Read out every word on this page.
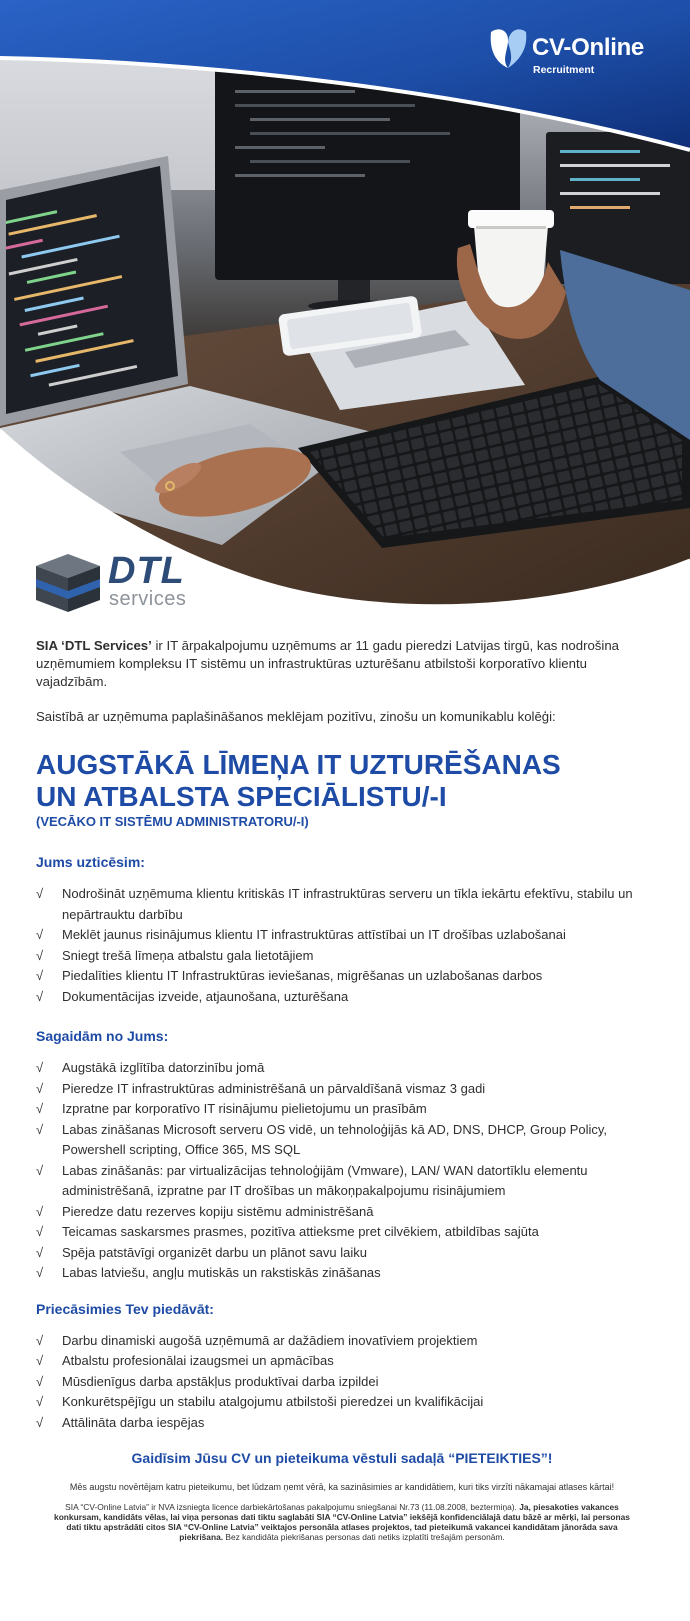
CV-Online
Recruitment
DTL
services

SIA ‘DTL Services’ ir IT ārpakalpojumu uzņēmums ar 11 gadu pieredzi Latvijas tirgū, kas nodrošina uzņēmumiem kompleksu IT sistēmu un infrastruktūras uzturēšanu atbilstoši korporatīvo klientu vajadzībām.

Saistībā ar uzņēmuma paplašināšanos meklējam pozitīvu, zinošu un komunikablu kolēģi:

AUGSTĀKĀ LĪMEŅA IT UZTURĒŠANAS
UN ATBALSTA SPECIĀLISTU/-I

(VECĀKO IT SISTĒMU ADMINISTRATORU/-I)

Jums uzticēsim:
√
Nodrošināt uzņēmuma klientu kritiskās IT infrastruktūras serveru un tīkla iekārtu efektīvu, stabilu un nepārtrauktu darbību
√
Meklēt jaunus risinājumus klientu IT infrastruktūras attīstībai un IT drošības uzlabošanai
√
Sniegt trešā līmeņa atbalstu gala lietotājiem
√
Piedalīties klientu IT Infrastruktūras ieviešanas, migrēšanas un uzlabošanas darbos
√
Dokumentācijas izveide, atjaunošana, uzturēšana
Sagaidām no Jums:
√
Augstākā izglītība datorzinību jomā
√
Pieredze IT infrastruktūras administrēšanā un pārvaldīšanā vismaz 3 gadi
√
Izpratne par korporatīvo IT risinājumu pielietojumu un prasībām
√
Labas zināšanas Microsoft serveru OS vidē, un tehnoloģijās kā AD, DNS, DHCP, Group Policy, Powershell scripting, Office 365, MS SQL
√
Labas zināšanās: par virtualizācijas tehnoloģijām (Vmware), LAN/ WAN datortīklu elementu administrēšanā, izpratne par IT drošības un mākoņpakalpojumu risinājumiem
√
Pieredze datu rezerves kopiju sistēmu administrēšanā
√
Teicamas saskarsmes prasmes, pozitīva attieksme pret cilvēkiem, atbildības sajūta
√
Spēja patstāvīgi organizēt darbu un plānot savu laiku
√
Labas latviešu, angļu mutiskās un rakstiskās zināšanas
Priecāsimies Tev piedāvāt:
√
Darbu dinamiski augošā uzņēmumā ar dažādiem inovatīviem projektiem
√
Atbalstu profesionālai izaugsmei un apmācības
√
Mūsdienīgus darba apstākļus produktīvai darba izpildei
√
Konkurētspējīgu un stabilu atalgojumu atbilstoši pieredzei un kvalifikācijai
√
Attālināta darba iespējas

Gaidīsim Jūsu CV un pieteikuma vēstuli sadaļā “PIETEIKTIES”!

Mēs augstu novērtējam katru pieteikumu, bet lūdzam ņemt vērā, ka sazināsimies ar kandidātiem, kuri tiks virzīti nākamajai atlases kārtai!

SIA “CV-Online Latvia” ir NVA izsniegta licence darbiekārtošanas pakalpojumu sniegšanai Nr.73 (11.08.2008, beztermiņa). Ja, piesakoties vakances konkursam, kandidāts vēlas, lai viņa personas dati tiktu saglabāti SIA “CV-Online Latvia” iekšējā konfidenciālajā datu bāzē ar mērķi, lai personas dati tiktu apstrādāti citos SIA “CV-Online Latvia” veiktajos personāla atlases projektos, tad pieteikumā vakancei kandidātam jānorāda sava piekrišana. Bez kandidāta piekrišanas personas dati netiks izplatīti trešajām personām.
